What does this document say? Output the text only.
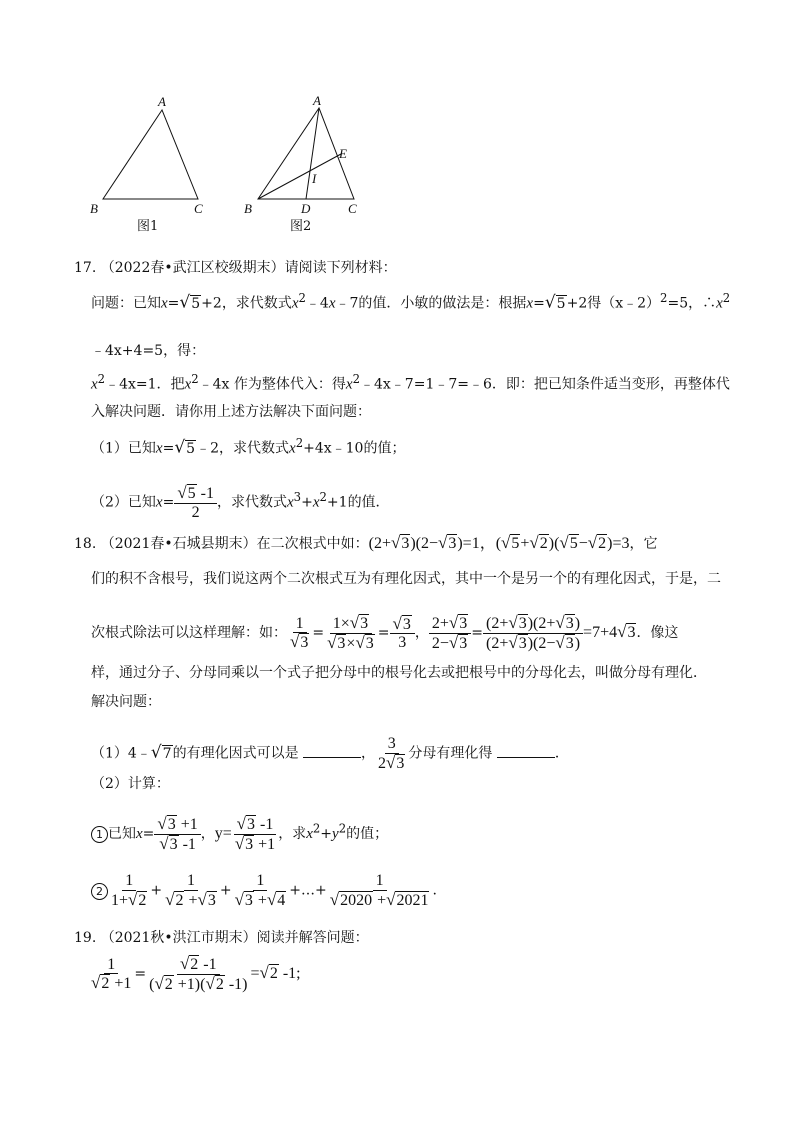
A
B	C
图1
A
E
I
B	D	C
图2
17. （2022春•武江区校级期末）请阅读下列材料：
问题：已知x=√5+2，求代数式$x^2﹣4x﹣7$的值．小敏的做法是：根据x=√5+2得（x﹣2）$^2$=5，$\therefore x^2$
﹣4x+4=5，得：
$x^2﹣4x=1$．把$x^2﹣4x$ 作为整体代入：得$x^2﹣4x﹣7=1﹣7=﹣6$．即：把已知条件适当变形，再整体代
入解决问题．请你用上述方法解决下面问题：
（1）已知x=√5﹣2，求代数式$x^2+4x﹣10$的值；
（2）已知$x= \frac{√5 -1}{2}$ ，求代数式$x^3+x^2+1$的值．
18. （2021春•石城县期末）在二次根式中如：(2+√3)(2−√3)=1，(√5+√2)(√5−√2)=3，它
们的积不含根号，我们说这两个二次根式互为有理化因式，其中一个是另一个的有理化因式，于是，二
次根式除法可以这样理解：如： $\frac{1}{√3} = \frac{1\times√3}{√3\times√3} = \frac{√3}{3}$ ， $\frac{2+√3}{2-√3} = \frac{(2+√3)(2+√3)}{(2+√3)(2-√3)} =7+4√3$．像这
样，通过分子、分母同乘以一个式子把分母中的根号化去或把根号中的分母化去，叫做分母有理化．
解决问题：
（1）4﹣√7的有理化因式可以是	， $\frac{3}{2√3}$ 分母有理化得	．
（2）计算：
1 已知$x= \frac{√3 +1}{√3 -1}$ ，$y= \frac{√3 -1}{√3 +1}$ ，求$x^2+y^2$的值；
$2 \frac{1}{1+√2} + \frac{1}{√2 +√3} + \frac{1}{√3 +√4}$ +…+ $\frac{1}{√2020 +√2021}$ .
19. （2021秋•洪江市期末）阅读并解答问题：
$\frac{1}{√2 +1} = \frac{√2 -1}{(√2 +1)(√2 -1)} =√2$ -1;
